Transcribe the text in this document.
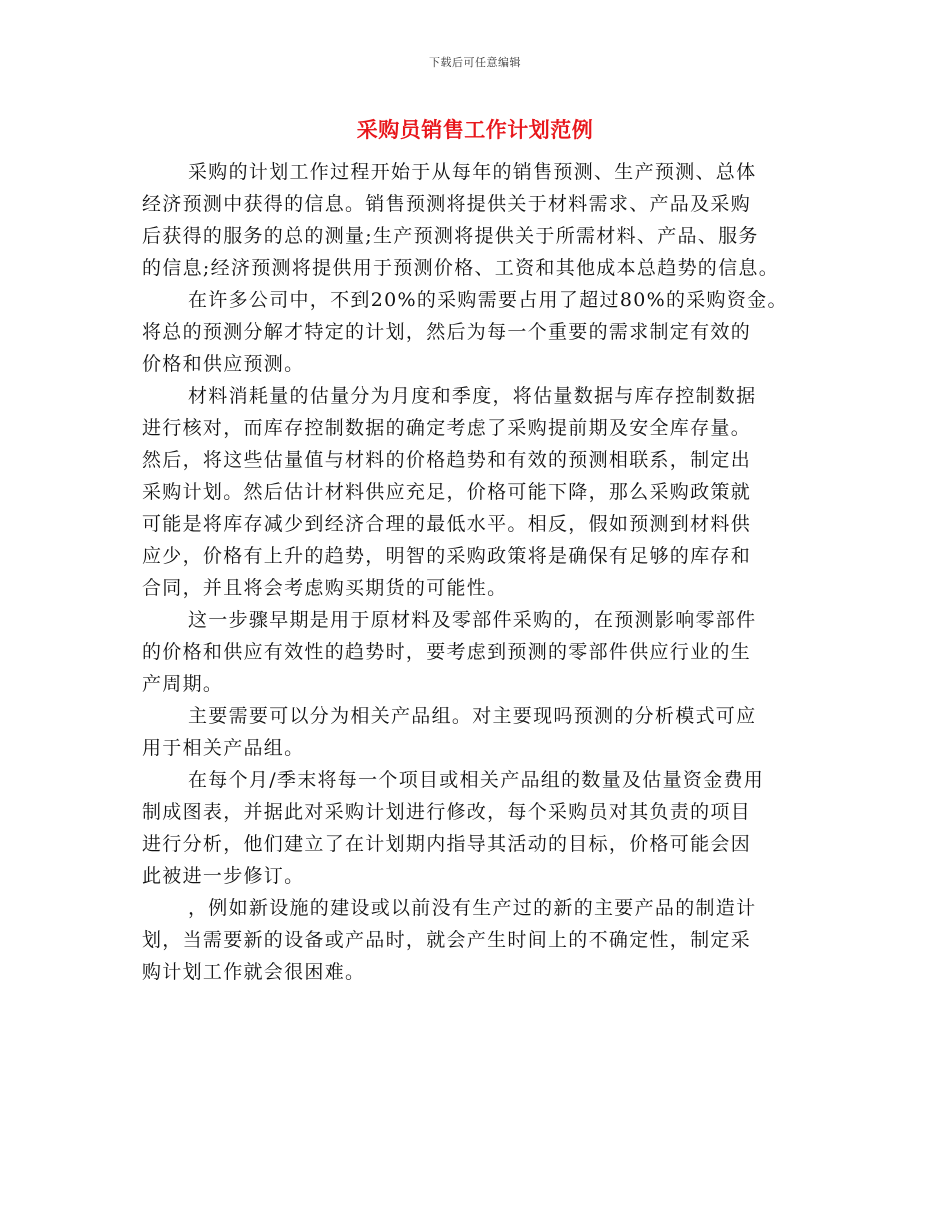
下载后可任意编辑
采购员销售工作计划范例

采购的计划工作过程开始于从每年的销售预测、生产预测、总体
经济预测中获得的信息。销售预测将提供关于材料需求、产品及采购
后获得的服务的总的测量;生产预测将提供关于所需材料、产品、服务
的信息;经济预测将提供用于预测价格、工资和其他成本总趋势的信息。

在许多公司中，不到20%的采购需要占用了超过80%的采购资金。
将总的预测分解才特定的计划，然后为每一个重要的需求制定有效的
价格和供应预测。

材料消耗量的估量分为月度和季度，将估量数据与库存控制数据
进行核对，而库存控制数据的确定考虑了采购提前期及安全库存量。
然后，将这些估量值与材料的价格趋势和有效的预测相联系，制定出
采购计划。然后估计材料供应充足，价格可能下降，那么采购政策就
可能是将库存减少到经济合理的最低水平。相反，假如预测到材料供
应少，价格有上升的趋势，明智的采购政策将是确保有足够的库存和
合同，并且将会考虑购买期货的可能性。

这一步骤早期是用于原材料及零部件采购的，在预测影响零部件
的价格和供应有效性的趋势时，要考虑到预测的零部件供应行业的生
产周期。

主要需要可以分为相关产品组。对主要现吗预测的分析模式可应
用于相关产品组。

在每个月/季末将每一个项目或相关产品组的数量及估量资金费用
制成图表，并据此对采购计划进行修改，每个采购员对其负责的项目
进行分析，他们建立了在计划期内指导其活动的目标，价格可能会因
此被进一步修订。

，例如新设施的建设或以前没有生产过的新的主要产品的制造计
划，当需要新的设备或产品时，就会产生时间上的不确定性，制定采
购计划工作就会很困难。
